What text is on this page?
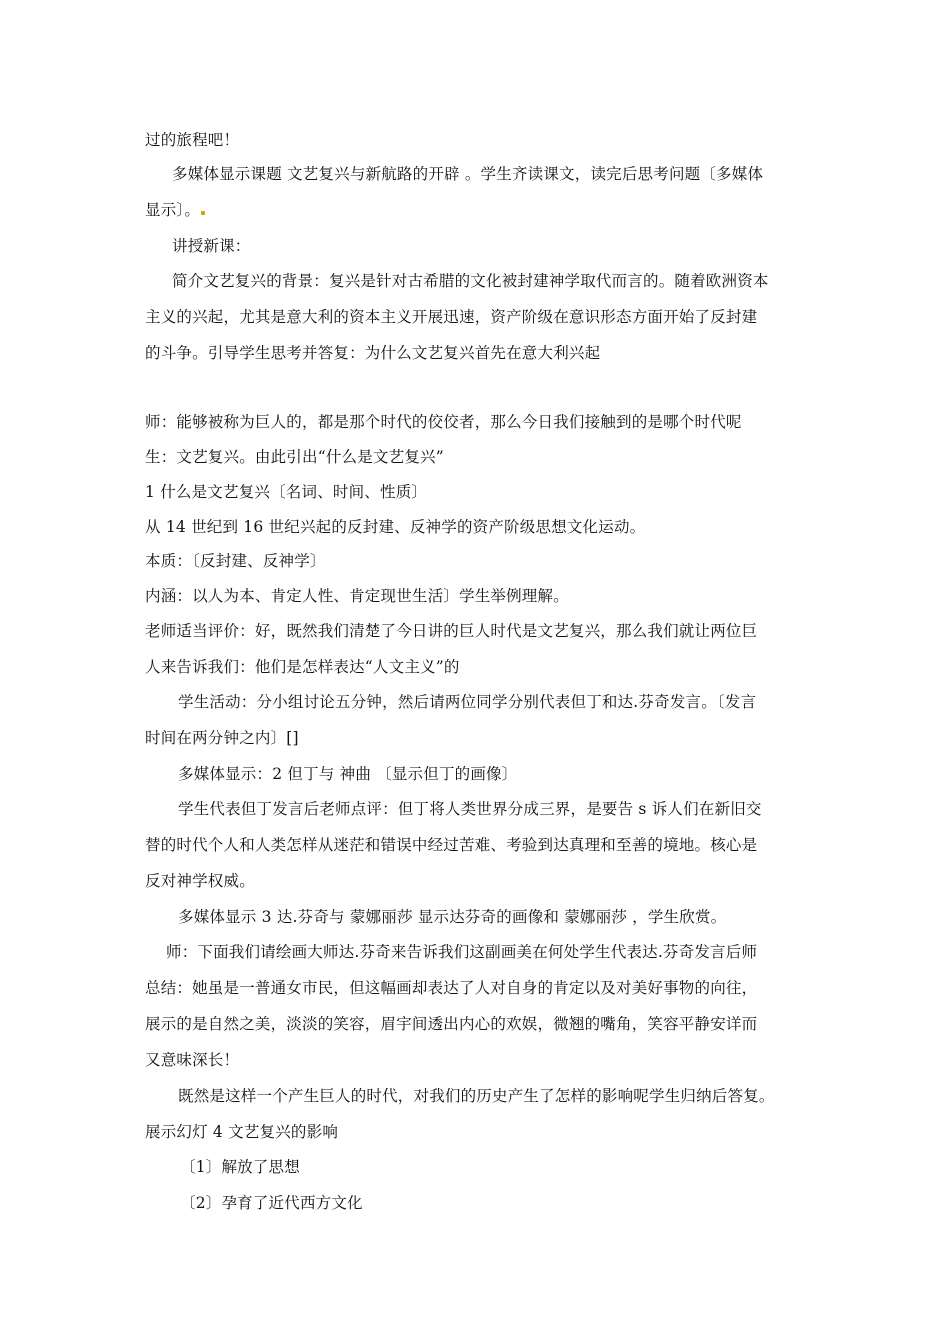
过的旅程吧！
多媒体显示课题 文艺复兴与新航路的开辟 。学生齐读课文，读完后思考问题〔多媒体
显示〕。
讲授新课：
简介文艺复兴的背景：复兴是针对古希腊的文化被封建神学取代而言的。随着欧洲资本
主义的兴起，尤其是意大利的资本主义开展迅速，资产阶级在意识形态方面开始了反封建
的斗争。引导学生思考并答复：为什么文艺复兴首先在意大利兴起
师：能够被称为巨人的，都是那个时代的佼佼者，那么今日我们接触到的是哪个时代呢
生：文艺复兴。由此引出“什么是文艺复兴”
1 什么是文艺复兴〔名词、时间、性质〕
从 14 世纪到 16 世纪兴起的反封建、反神学的资产阶级思想文化运动。
本质：〔反封建、反神学〕
内涵：以人为本、肯定人性、肯定现世生活〕学生举例理解。
老师适当评价：好，既然我们清楚了今日讲的巨人时代是文艺复兴，那么我们就让两位巨
人来告诉我们：他们是怎样表达“人文主义”的
学生活动：分小组讨论五分钟，然后请两位同学分别代表但丁和达.芬奇发言。〔发言
时间在两分钟之内〕[]
多媒体显示：2 但丁与 神曲 〔显示但丁的画像〕
学生代表但丁发言后老师点评：但丁将人类世界分成三界，是要告 s 诉人们在新旧交
替的时代个人和人类怎样从迷茫和错误中经过苦难、考验到达真理和至善的境地。核心是
反对神学权威。
多媒体显示 3 达.芬奇与 蒙娜丽莎 显示达芬奇的画像和 蒙娜丽莎 ，学生欣赏。
师：下面我们请绘画大师达.芬奇来告诉我们这副画美在何处学生代表达.芬奇发言后师
总结：她虽是一普通女市民，但这幅画却表达了人对自身的肯定以及对美好事物的向往，
展示的是自然之美，淡淡的笑容，眉宇间透出内心的欢娱，微翘的嘴角，笑容平静安详而
又意味深长！
既然是这样一个产生巨人的时代，对我们的历史产生了怎样的影响呢学生归纳后答复。
展示幻灯 4 文艺复兴的影响
〔1〕解放了思想
〔2〕孕育了近代西方文化
